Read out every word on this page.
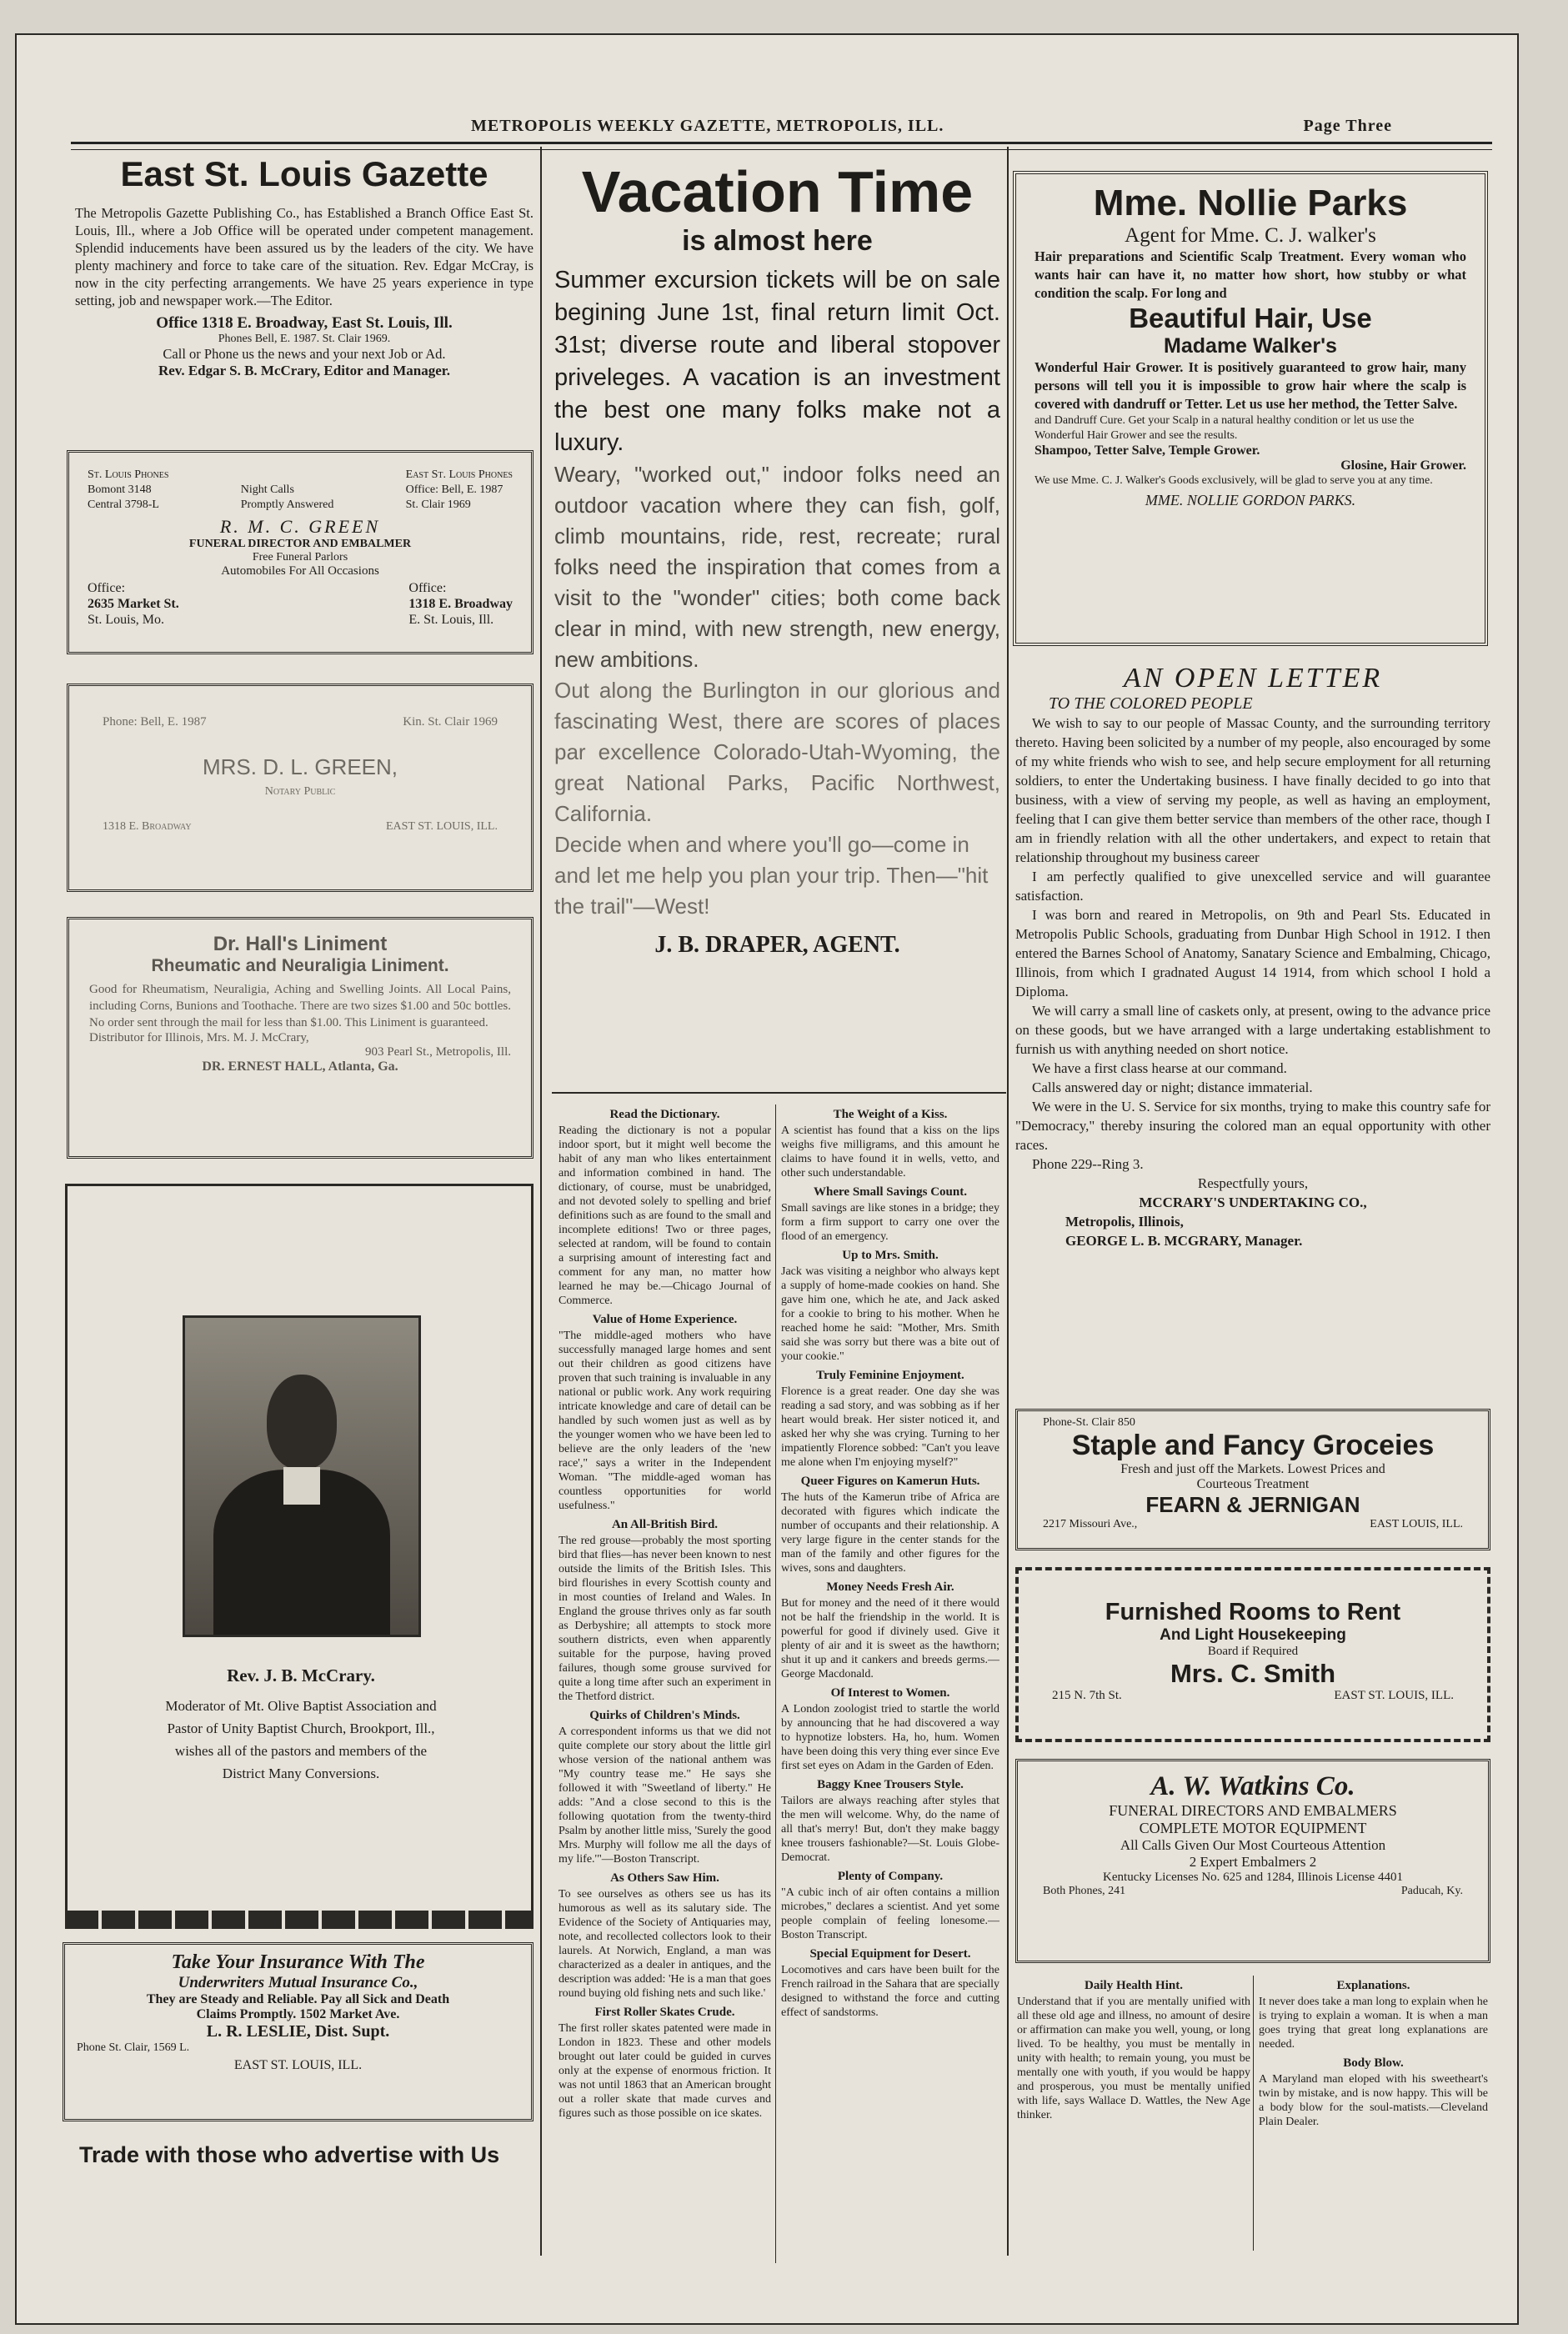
METROPOLIS WEEKLY GAZETTE, METROPOLIS, ILL.	Page Three
East St. Louis Gazette

The Metropolis Gazette Publishing Co., has Established a Branch Office East St. Louis, Ill., where a Job Office will be operated under competent management. Splendid inducements have been assured us by the leaders of the city. We have plenty machinery and force to take care of the situation. Rev. Edgar McCray, is now in the city perfecting arrangements. We have 25 years experience in type setting, job and newspaper work.—The Editor.

Office 1318 E. Broadway, East St. Louis, Ill.

Phones Bell, E. 1987. St. Clair 1969.

Call or Phone us the news and your next Job or Ad.

Rev. Edgar S. B. McCrary, Editor and Manager.

St. Louis Phones
Bomont 3148
Central 3798-L
Night Calls
Promptly Answered
East St. Louis Phones
Office: Bell, E. 1987
St. Clair 1969
R. M. C. GREEN
FUNERAL DIRECTOR AND EMBALMER
Free Funeral Parlors
Automobiles For All Occasions
Office:
2635 Market St.
St. Louis, Mo.
Office:
1318 E. Broadway
E. St. Louis, Ill.
Phone: Bell, E. 1987	Kin. St. Clair 1969
MRS. D. L. GREEN,
Notary Public
1318 E. Broadway	EAST ST. LOUIS, ILL.
Dr. Hall's Liniment
Rheumatic and Neuraligia Liniment.

Good for Rheumatism, Neuraligia, Aching and Swelling Joints. All Local Pains, including Corns, Bunions and Toothache. There are two sizes $1.00 and 50c bottles. No order sent through the mail for less than $1.00. This Liniment is guaranteed.

Distributor for Illinois, Mrs. M. J. McCrary,

903 Pearl St., Metropolis, Ill.

DR. ERNEST HALL, Atlanta, Ga.

Rev. J. B. McCrary.

Moderator of Mt. Olive Baptist Association and Pastor of Unity Baptist Church, Brookport, Ill., wishes all of the pastors and members of the District Many Conversions.

Take Your Insurance With The
Underwriters Mutual Insurance Co.,
They are Steady and Reliable. Pay all Sick and Death
Claims Promptly. 1502 Market Ave.
L. R. LESLIE, Dist. Supt.
Phone St. Clair, 1569 L.
EAST ST. LOUIS, ILL.
Trade with those who advertise with Us
Vacation Time
is almost here

Summer excursion tickets will be on sale begining June 1st, final return limit Oct. 31st; diverse route and liberal stopover priveleges. A vacation is an investment the best one many folks make not a luxury.

Weary, "worked out," indoor folks need an outdoor vacation where they can fish, golf, climb mountains, ride, rest, recreate; rural folks need the inspiration that comes from a visit to the "wonder" cities; both come back clear in mind, with new strength, new energy, new ambitions.

Out along the Burlington in our glorious and fascinating West, there are scores of places par excellence Colorado-Utah-Wyoming, the great National Parks, Pacific Northwest, California.

Decide when and where you'll go—come in and let me help you plan your trip. Then—"hit the trail"—West!

J. B. DRAPER, AGENT.
Read the Dictionary.

Reading the dictionary is not a popular indoor sport, but it might well become the habit of any man who likes entertainment and information combined in hand. The dictionary, of course, must be unabridged, and not devoted solely to spelling and brief definitions such as are found to the small and incomplete editions! Two or three pages, selected at random, will be found to contain a surprising amount of interesting fact and comment for any man, no matter how learned he may be.—Chicago Journal of Commerce.

Value of Home Experience.

"The middle-aged mothers who have successfully managed large homes and sent out their children as good citizens have proven that such training is invaluable in any national or public work. Any work requiring intricate knowledge and care of detail can be handled by such women just as well as by the younger women who we have been led to believe are the only leaders of the 'new race'," says a writer in the Independent Woman. "The middle-aged woman has countless opportunities for world usefulness."

An All-British Bird.

The red grouse—probably the most sporting bird that flies—has never been known to nest outside the limits of the British Isles. This bird flourishes in every Scottish county and in most counties of Ireland and Wales. In England the grouse thrives only as far south as Derbyshire; all attempts to stock more southern districts, even when apparently suitable for the purpose, having proved failures, though some grouse survived for quite a long time after such an experiment in the Thetford district.

Quirks of Children's Minds.

A correspondent informs us that we did not quite complete our story about the little girl whose version of the national anthem was "My country tease me." He says she followed it with "Sweetland of liberty." He adds: "And a close second to this is the following quotation from the twenty-third Psalm by another little miss, 'Surely the good Mrs. Murphy will follow me all the days of my life.'"—Boston Transcript.

As Others Saw Him.

To see ourselves as others see us has its humorous as well as its salutary side. The Evidence of the Society of Antiquaries may, note, and recollected collectors look to their laurels. At Norwich, England, a man was characterized as a dealer in antiques, and the description was added: 'He is a man that goes round buying old fishing nets and such like.'

First Roller Skates Crude.

The first roller skates patented were made in London in 1823. These and other models brought out later could be guided in curves only at the expense of enormous friction. It was not until 1863 that an American brought out a roller skate that made curves and figures such as those possible on ice skates.

The Weight of a Kiss.

A scientist has found that a kiss on the lips weighs five milligrams, and this amount he claims to have found it in wells, vetto, and other such understandable.

Where Small Savings Count.

Small savings are like stones in a bridge; they form a firm support to carry one over the flood of an emergency.

Up to Mrs. Smith.

Jack was visiting a neighbor who always kept a supply of home-made cookies on hand. She gave him one, which he ate, and Jack asked for a cookie to bring to his mother. When he reached home he said: "Mother, Mrs. Smith said she was sorry but there was a bite out of your cookie."

Truly Feminine Enjoyment.

Florence is a great reader. One day she was reading a sad story, and was sobbing as if her heart would break. Her sister noticed it, and asked her why she was crying. Turning to her impatiently Florence sobbed: "Can't you leave me alone when I'm enjoying myself?"

Queer Figures on Kamerun Huts.

The huts of the Kamerun tribe of Africa are decorated with figures which indicate the number of occupants and their relationship. A very large figure in the center stands for the man of the family and other figures for the wives, sons and daughters.

Money Needs Fresh Air.

But for money and the need of it there would not be half the friendship in the world. It is powerful for good if divinely used. Give it plenty of air and it is sweet as the hawthorn; shut it up and it cankers and breeds germs.—George Macdonald.

Of Interest to Women.

A London zoologist tried to startle the world by announcing that he had discovered a way to hypnotize lobsters. Ha, ho, hum. Women have been doing this very thing ever since Eve first set eyes on Adam in the Garden of Eden.

Baggy Knee Trousers Style.

Tailors are always reaching after styles that the men will welcome. Why, do the name of all that's merry! But, don't they make baggy knee trousers fashionable?—St. Louis Globe-Democrat.

Plenty of Company.

"A cubic inch of air often contains a million microbes," declares a scientist. And yet some people complain of feeling lonesome.—Boston Transcript.

Special Equipment for Desert.

Locomotives and cars have been built for the French railroad in the Sahara that are specially designed to withstand the force and cutting effect of sandstorms.

Mme. Nollie Parks
Agent for Mme. C. J. walker's

Hair preparations and Scientific Scalp Treatment. Every woman who wants hair can have it, no matter how short, how stubby or what condition the scalp. For long and

Beautiful Hair, Use
Madame Walker's

Wonderful Hair Grower. It is positively guaranteed to grow hair, many persons will tell you it is impossible to grow hair where the scalp is covered with dandruff or Tetter. Let us use her method, the Tetter Salve.

and Dandruff Cure. Get your Scalp in a natural healthy condition or let us use the Wonderful Hair Grower and see the results.

Shampoo, Tetter Salve, Temple Grower.

Glosine, Hair Grower.

We use Mme. C. J. Walker's Goods exclusively, will be glad to serve you at any time.

MME. NOLLIE GORDON PARKS.

AN OPEN LETTER
TO THE COLORED PEOPLE

We wish to say to our people of Massac County, and the surrounding territory thereto. Having been solicited by a number of my people, also encouraged by some of my white friends who wish to see, and help secure employment for all returning soldiers, to enter the Undertaking business. I have finally decided to go into that business, with a view of serving my people, as well as having an employment, feeling that I can give them better service than members of the other race, though I am in friendly relation with all the other undertakers, and expect to retain that relationship throughout my business career

I am perfectly qualified to give unexcelled service and will guarantee satisfaction.

I was born and reared in Metropolis, on 9th and Pearl Sts. Educated in Metropolis Public Schools, graduating from Dunbar High School in 1912. I then entered the Barnes School of Anatomy, Sanatary Science and Embalming, Chicago, Illinois, from which I gradnated August 14 1914, from which school I hold a Diploma.

We will carry a small line of caskets only, at present, owing to the advance price on these goods, but we have arranged with a large undertaking establishment to furnish us with anything needed on short notice.

We have a first class hearse at our command.

Calls answered day or night; distance immaterial.

We were in the U. S. Service for six months, trying to make this country safe for "Democracy," thereby insuring the colored man an equal opportunity with other races.

Phone 229--Ring 3.

Respectfully yours,

MCCRARY'S UNDERTAKING CO.,

Metropolis, Illinois,

GEORGE L. B. MCGRARY, Manager.

Phone-St. Clair 850
Staple and Fancy Groceies
Fresh and just off the Markets. Lowest Prices and
Courteous Treatment
FEARN & JERNIGAN
2217 Missouri Ave.,	EAST LOUIS, ILL.
Furnished Rooms to Rent
And Light Housekeeping
Board if Required
Mrs. C. Smith
215 N. 7th St.	EAST ST. LOUIS, ILL.
A. W. Watkins Co.
FUNERAL DIRECTORS AND EMBALMERS
COMPLETE MOTOR EQUIPMENT
All Calls Given Our Most Courteous Attention
2 Expert Embalmers 2
Kentucky Licenses No. 625 and 1284, Illinois License 4401
Both Phones, 241	Paducah, Ky.
Daily Health Hint.

Understand that if you are mentally unified with all these old age and illness, no amount of desire or affirmation can make you well, young, or long lived. To be healthy, you must be mentally in unity with health; to remain young, you must be mentally one with youth, if you would be happy and prosperous, you must be mentally unified with life, says Wallace D. Wattles, the New Age thinker.

Explanations.

It never does take a man long to explain when he is trying to explain a woman. It is when a man goes trying that great long explanations are needed.

Body Blow.

A Maryland man eloped with his sweetheart's twin by mistake, and is now happy. This will be a body blow for the soul-matists.—Cleveland Plain Dealer.
